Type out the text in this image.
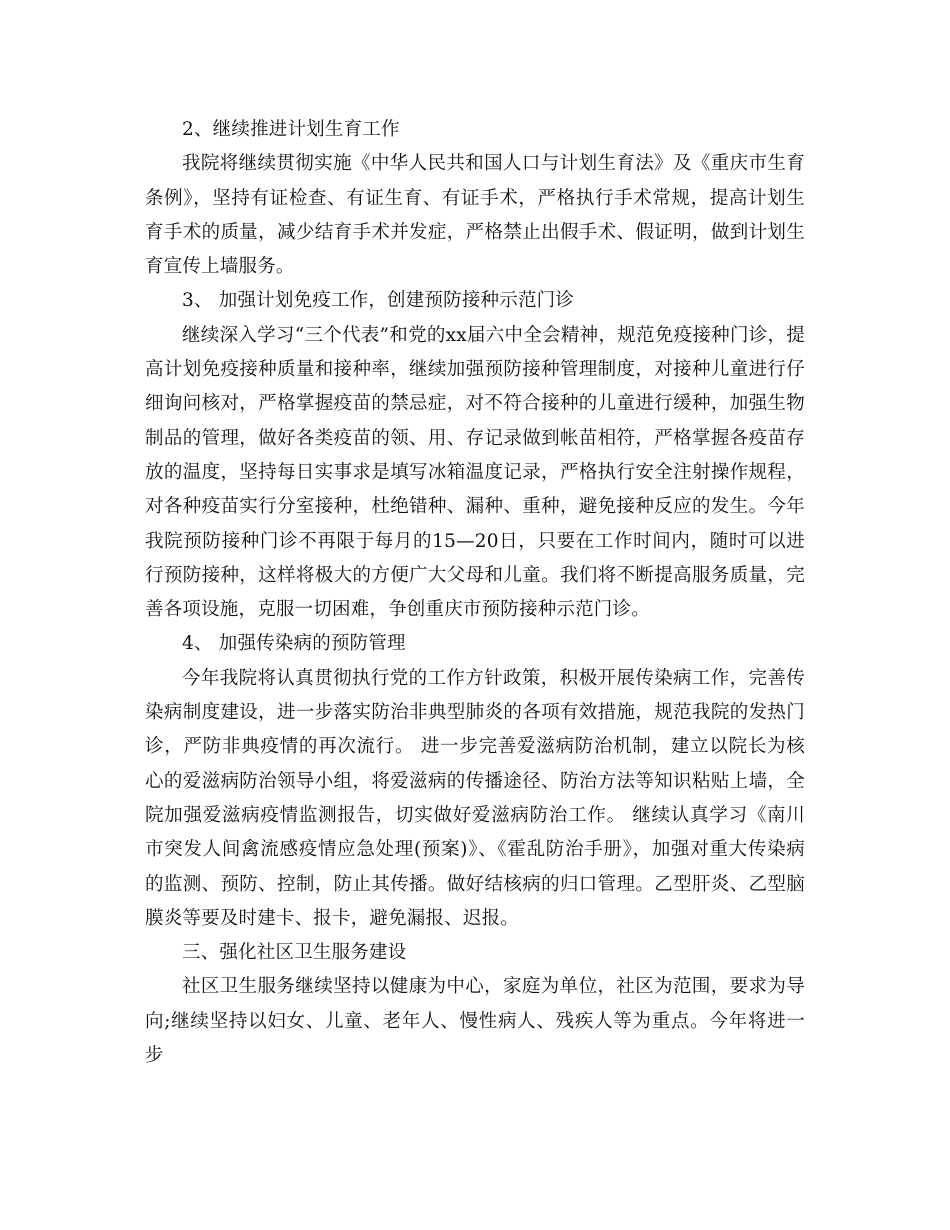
2、继续推进计划生育工作

我院将继续贯彻实施《中华人民共和国人口与计划生育法》及《重庆市生育条例》，坚持有证检查、有证生育、有证手术，严格执行手术常规，提高计划生育手术的质量，减少结育手术并发症，严格禁止出假手术、假证明，做到计划生育宣传上墙服务。

3、 加强计划免疫工作，创建预防接种示范门诊

继续深入学习“三个代表”和党的xx届六中全会精神，规范免疫接种门诊，提高计划免疫接种质量和接种率，继续加强预防接种管理制度，对接种儿童进行仔细询问核对，严格掌握疫苗的禁忌症，对不符合接种的儿童进行缓种，加强生物制品的管理，做好各类疫苗的领、用、存记录做到帐苗相符，严格掌握各疫苗存放的温度，坚持每日实事求是填写冰箱温度记录，严格执行安全注射操作规程，对各种疫苗实行分室接种，杜绝错种、漏种、重种，避免接种反应的发生。今年我院预防接种门诊不再限于每月的15—20日，只要在工作时间内，随时可以进行预防接种，这样将极大的方便广大父母和儿童。我们将不断提高服务质量，完善各项设施，克服一切困难，争创重庆市预防接种示范门诊。

4、 加强传染病的预防管理

今年我院将认真贯彻执行党的工作方针政策，积极开展传染病工作，完善传染病制度建设，进一步落实防治非典型肺炎的各项有效措施，规范我院的发热门诊，严防非典疫情的再次流行。 进一步完善爱滋病防治机制，建立以院长为核心的爱滋病防治领导小组，将爱滋病的传播途径、防治方法等知识粘贴上墙，全院加强爱滋病疫情监测报告，切实做好爱滋病防治工作。 继续认真学习《南川市突发人间禽流感疫情应急处理(预案)》、《霍乱防治手册》，加强对重大传染病的监测、预防、控制，防止其传播。做好结核病的归口管理。乙型肝炎、乙型脑膜炎等要及时建卡、报卡，避免漏报、迟报。

三、强化社区卫生服务建设

社区卫生服务继续坚持以健康为中心，家庭为单位，社区为范围，要求为导向;继续坚持以妇女、儿童、老年人、慢性病人、残疾人等为重点。今年将进一步
